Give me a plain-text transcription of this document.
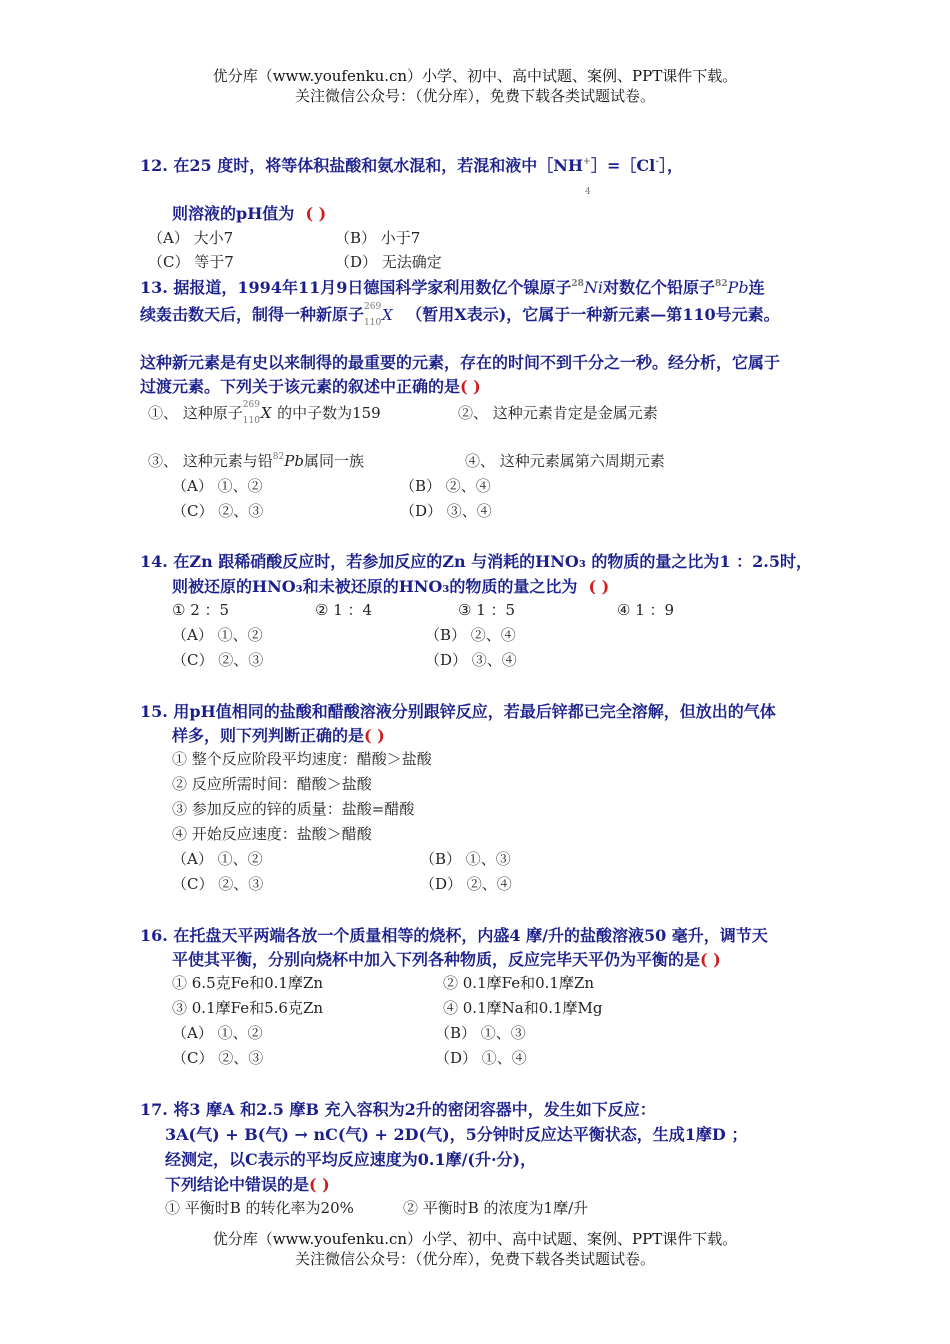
优分库（www.youfenku.cn）小学、初中、高中试题、案例、PPT课件下载。
关注微信公众号：（优分库），免费下载各类试题试卷。
12. 在25 度时，将等体积盐酸和氨水混和，若混和液中［NH +
4
］=［Cl-］，
则溶液的pH值为 ( )
（A） 大小7	（B） 小于7
（C） 等于7	（D） 无法确定
13. 据报道，1994年11月9日德国科学家利用数亿个镍原子$^{28}$Ni对数亿个铅原子$^{82}$Pb连
续轰击数天后，制得一种新原子 269
110 X （暂用X表示)，它属于一种新元素—第110号元素。
这种新元素是有史以来制得的最重要的元素，存在的时间不到千分之一秒。经分析，它属于
过渡元素。下列关于该元素的叙述中正确的是( )
①、 这种原子 269
110 X 的中子数为159	②、 这种元素肯定是金属元素
③、 这种元素与铅$^{82}$Pb属同一族	④、 这种元素属第六周期元素
（A） ①、②	（B） ②、④
（C） ②、③	（D） ③、④
14. 在Zn 跟稀硝酸反应时，若参加反应的Zn 与消耗的HNO₃ 的物质的量之比为1 ：2.5时，
则被还原的HNO₃和未被还原的HNO₃的物质的量之比为 ( )
① 2 ：5	② 1 ：4	③ 1 ：5	④ 1 ：9
（A） ①、②	（B） ②、④
（C） ②、③	（D） ③、④
15. 用pH值相同的盐酸和醋酸溶液分别跟锌反应，若最后锌都已完全溶解，但放出的气体
样多，则下列判断正确的是( )
① 整个反应阶段平均速度：醋酸＞盐酸
② 反应所需时间：醋酸＞盐酸
③ 参加反应的锌的质量：盐酸=醋酸
④ 开始反应速度：盐酸＞醋酸
（A） ①、②	（B） ①、③
（C） ②、③	（D） ②、④
16. 在托盘天平两端各放一个质量相等的烧杯，内盛4 摩/升的盐酸溶液50 毫升，调节天
平使其平衡，分别向烧杯中加入下列各种物质，反应完毕天平仍为平衡的是( )
① 6.5克Fe和0.1摩Zn	② 0.1摩Fe和0.1摩Zn
③ 0.1摩Fe和5.6克Zn	④ 0.1摩Na和0.1摩Mg
（A） ①、②	（B） ①、③
（C） ②、③	（D） ①、④
17. 将3 摩A 和2.5 摩B 充入容积为2升的密闭容器中，发生如下反应：
3A(气) + B(气) → nC(气) + 2D(气)，5分钟时反应达平衡状态，生成1摩D ；
经测定，以C表示的平均反应速度为0.1摩/(升·分)，
下列结论中错误的是( )
① 平衡时B 的转化率为20%	② 平衡时B 的浓度为1摩/升
优分库（www.youfenku.cn）小学、初中、高中试题、案例、PPT课件下载。
关注微信公众号：（优分库），免费下载各类试题试卷。
